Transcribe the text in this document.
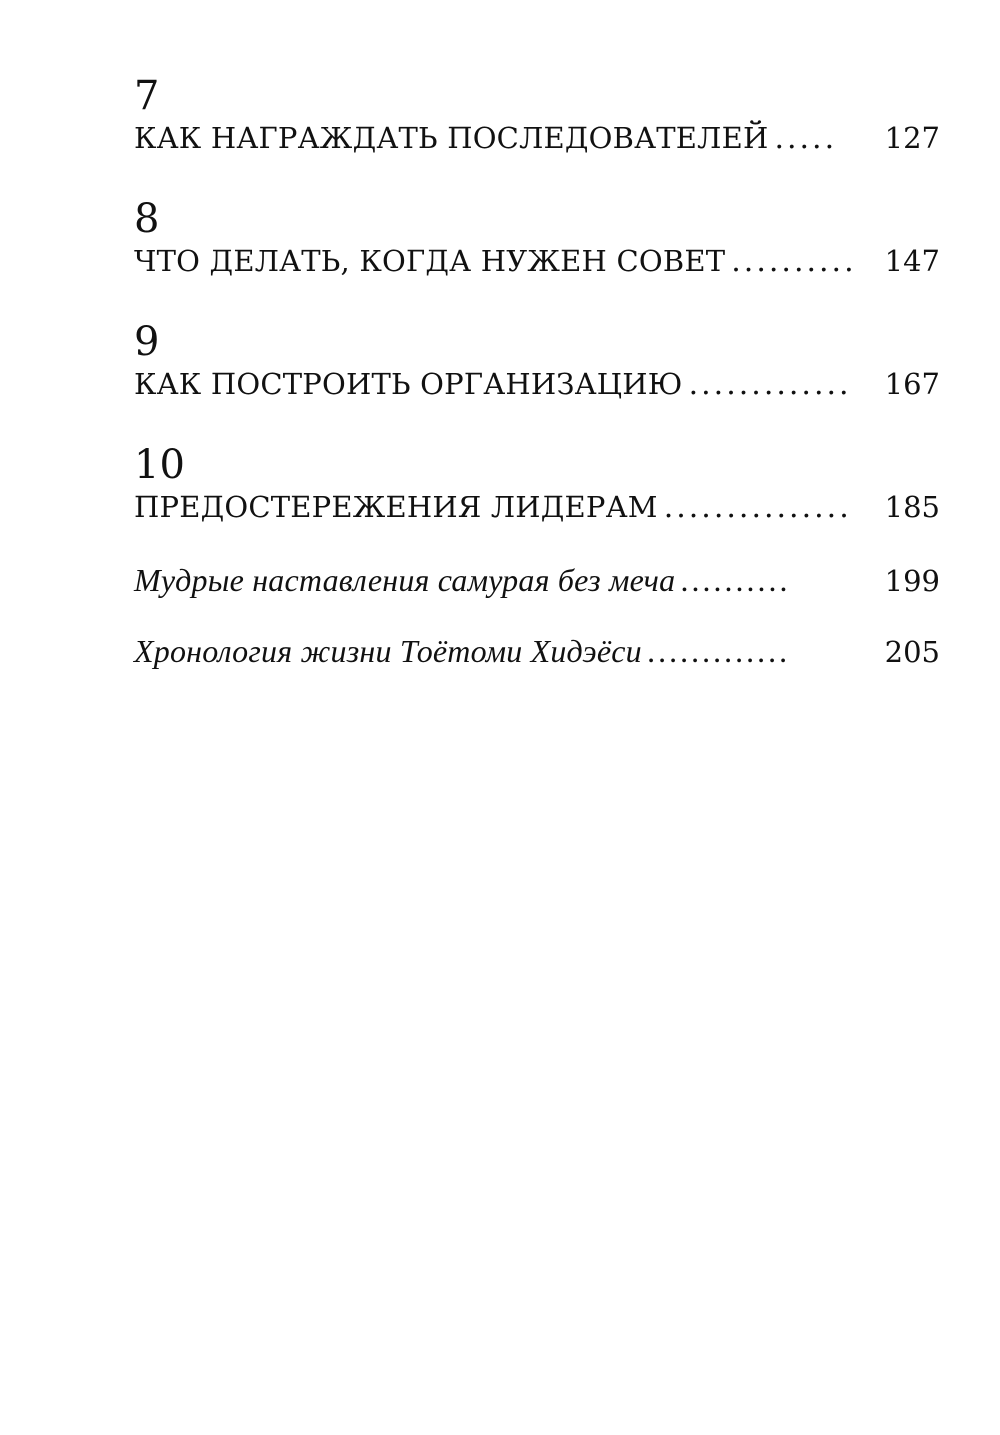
7
КАК НАГРАЖДАТЬ ПОСЛЕДОВАТЕЛЕЙ .....	127
8
ЧТО ДЕЛАТЬ, КОГДА НУЖЕН СОВЕТ .......... 147
9
КАК ПОСТРОИТЬ ОРГАНИЗАЦИЮ .............	167
10
ПРЕДОСТЕРЕЖЕНИЯ ЛИДЕРАМ ...............	185
Мудрые наставления самурая без меча ..........	199
Хронология жизни Тоётоми Хидэёси .............	205
